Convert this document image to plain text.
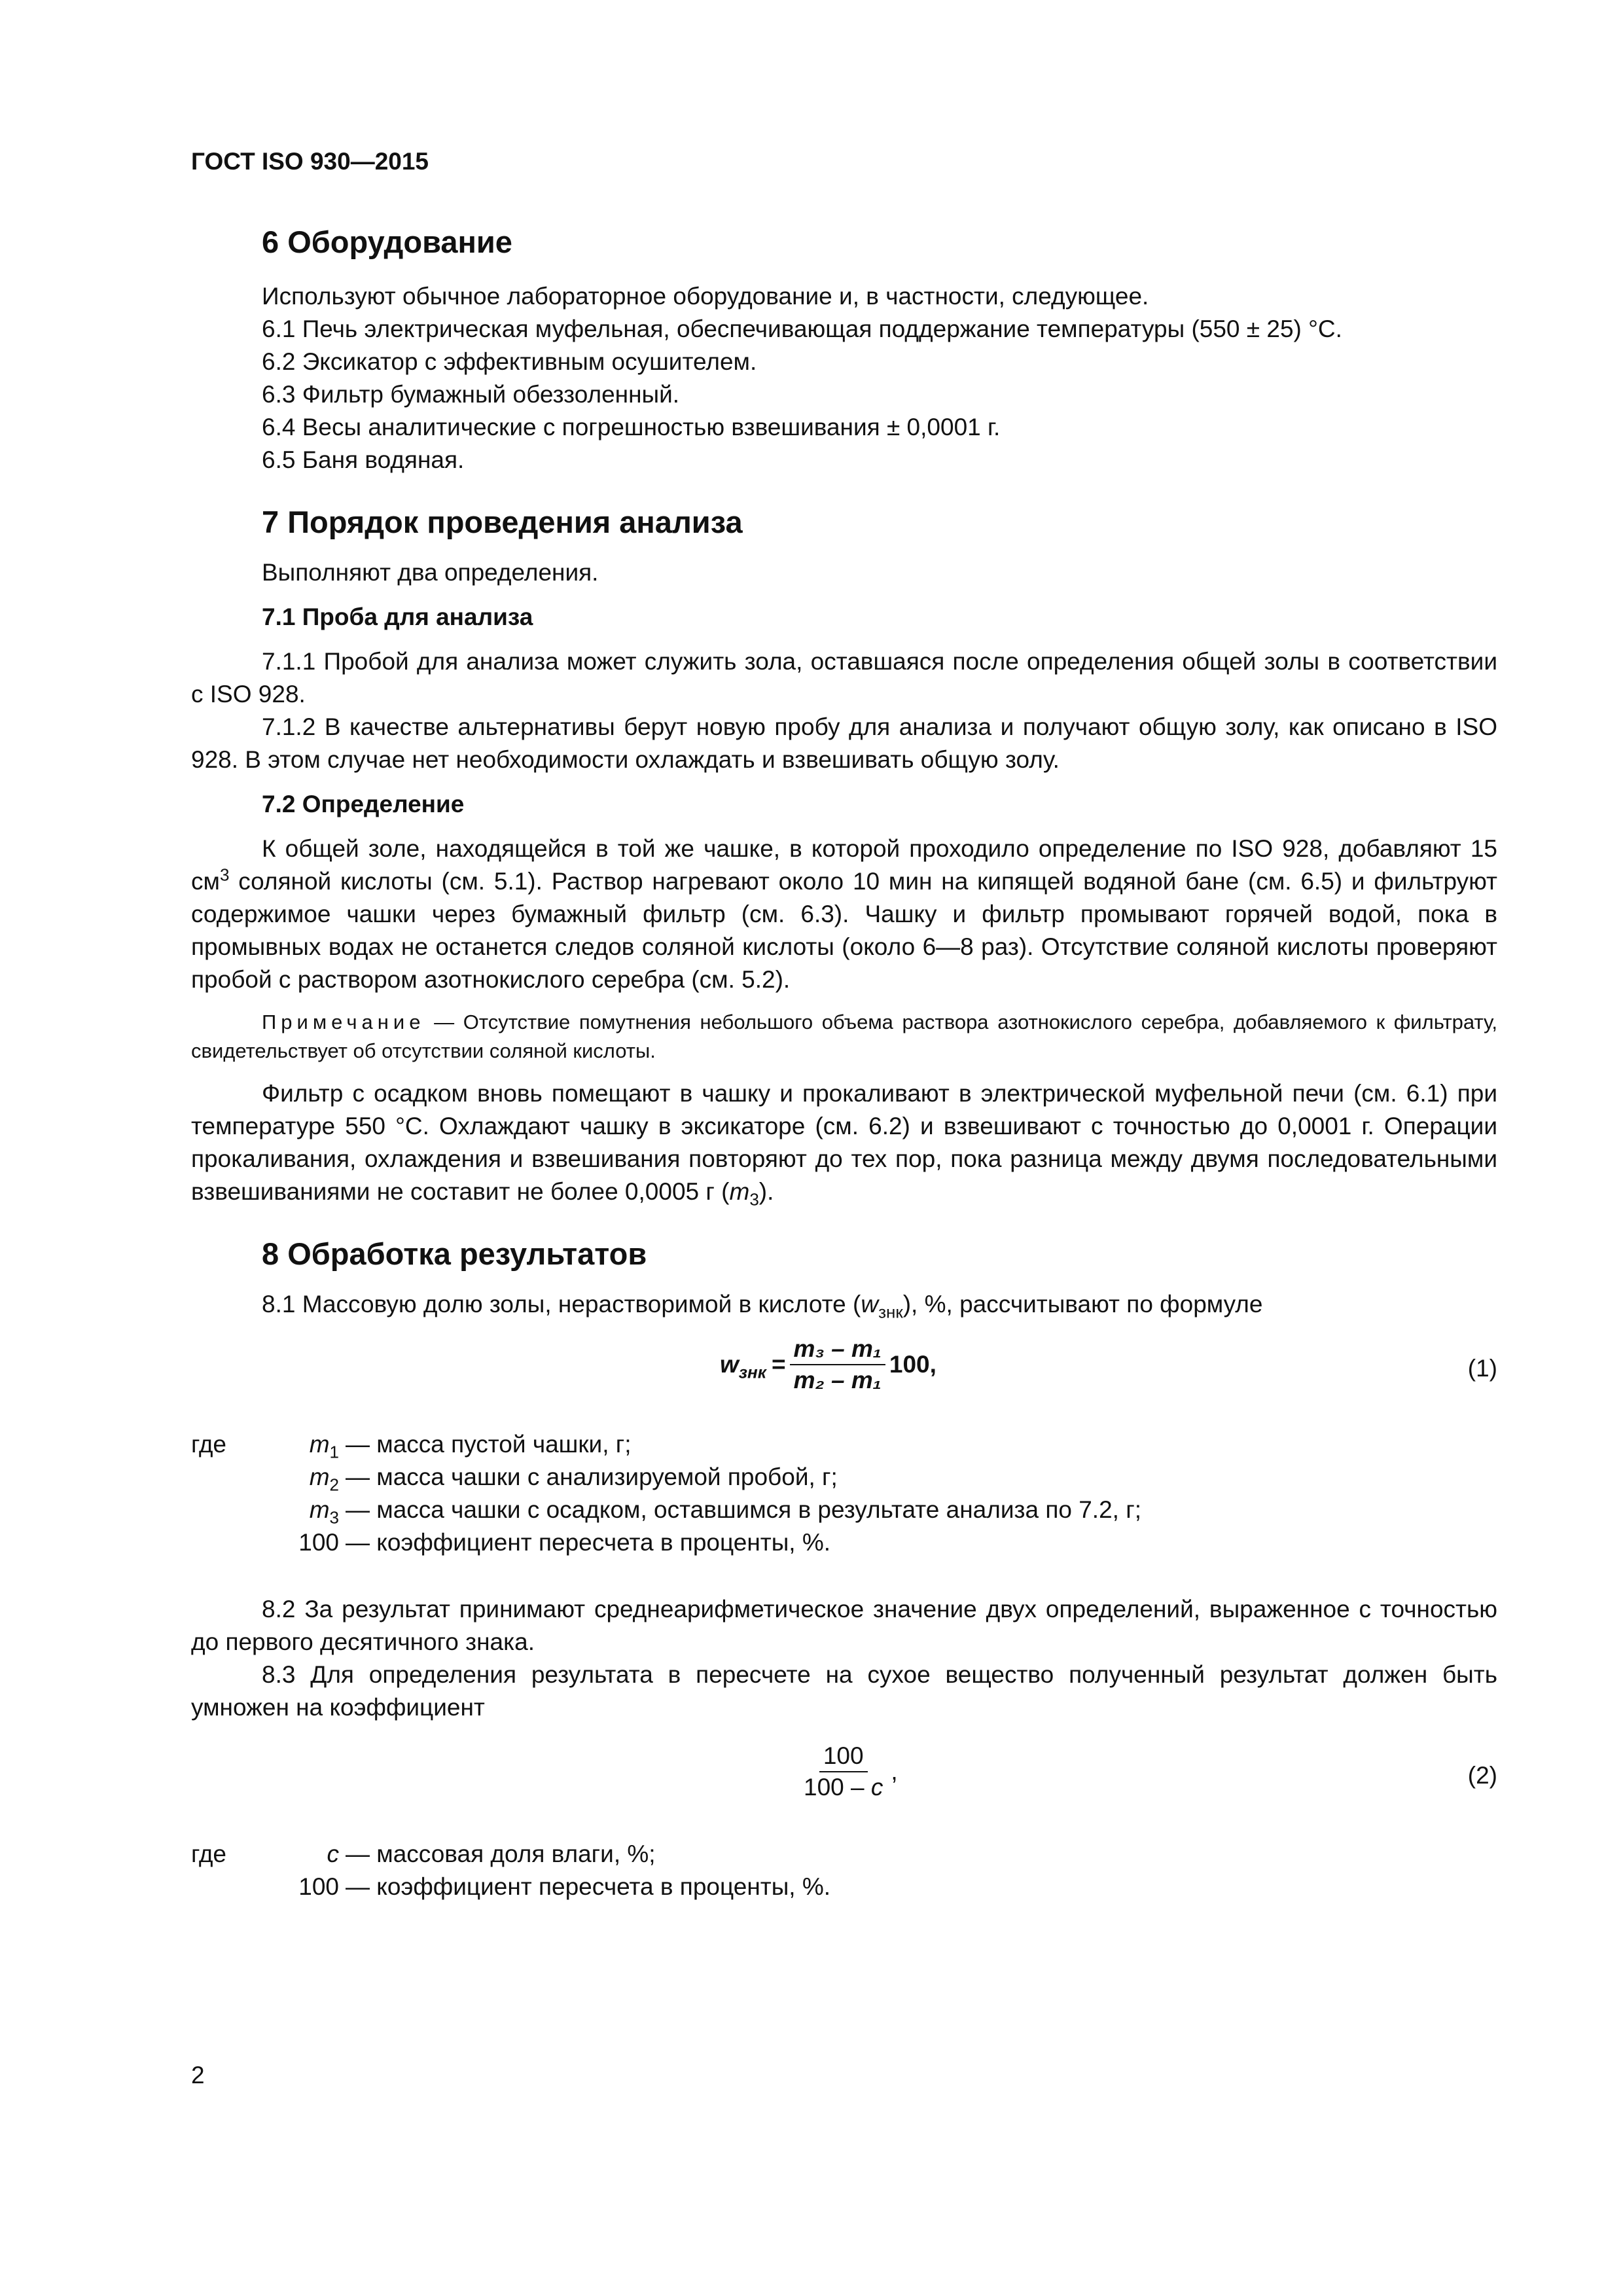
ГОСТ ISO 930—2015

6 Оборудование

Используют обычное лабораторное оборудование и, в частности, следующее.

6.1 Печь электрическая муфельная, обеспечивающая поддержание температуры (550 ± 25) °С.

6.2 Эксикатор с эффективным осушителем.

6.3 Фильтр бумажный обеззоленный.

6.4 Весы аналитические с погрешностью взвешивания ± 0,0001 г.

6.5 Баня водяная.

7 Порядок проведения анализа

Выполняют два определения.

7.1 Проба для анализа

7.1.1 Пробой для анализа может служить зола, оставшаяся после определения общей золы в соответствии с ISO 928.

7.1.2 В качестве альтернативы берут новую пробу для анализа и получают общую золу, как описано в ISO 928. В этом случае нет необходимости охлаждать и взвешивать общую золу.

7.2 Определение

К общей золе, находящейся в той же чашке, в которой проходило определение по ISO 928, добавляют 15 $см^3$ соляной кислоты (см. 5.1). Раствор нагревают около 10 мин на кипящей водяной бане (см. 6.5) и фильтруют содержимое чашки через бумажный фильтр (см. 6.3). Чашку и фильтр промывают горячей водой, пока в промывных водах не останется следов соляной кислоты (около 6—8 раз). Отсутствие соляной кислоты проверяют пробой с раствором азотнокислого серебра (см. 5.2).

Примечание — Отсутствие помутнения небольшого объема раствора азотнокислого серебра, добавляемого к фильтрату, свидетельствует об отсутствии соляной кислоты.

Фильтр с осадком вновь помещают в чашку и прокаливают в электрической муфельной печи (см. 6.1) при температуре 550 °С. Охлаждают чашку в эксикаторе (см. 6.2) и взвешивают с точностью до 0,0001 г. Операции прокаливания, охлаждения и взвешивания повторяют до тех пор, пока разница между двумя последовательными взвешиваниями не составит не более 0,0005 г $(m_3)$.

8 Обработка результатов

8.1 Массовую долю золы, нерастворимой в кислоте $(w_{знк})$, %, рассчитывают по формуле

$w_{знк} = \frac{\text{m₃ – m₁}}{\text{m₂ – m₁}} 100$,	(1)
где	$m_1$ — масса пустой чашки, г;
$m_2$ — масса чашки с анализируемой пробой, г;
$m_3$ — масса чашки с осадком, оставшимся в результате анализа по 7.2, г;
100 — коэффициент пересчета в проценты, %.

8.2 За результат принимают среднеарифметическое значение двух определений, выраженное с точностью до первого десятичного знака.

8.3 Для определения результата в пересчете на сухое вещество полученный результат должен быть умножен на коэффициент

$\frac{100}{100 - c}$ ,	(2)
где	c — массовая доля влаги, %;
100 — коэффициент пересчета в проценты, %.
2
